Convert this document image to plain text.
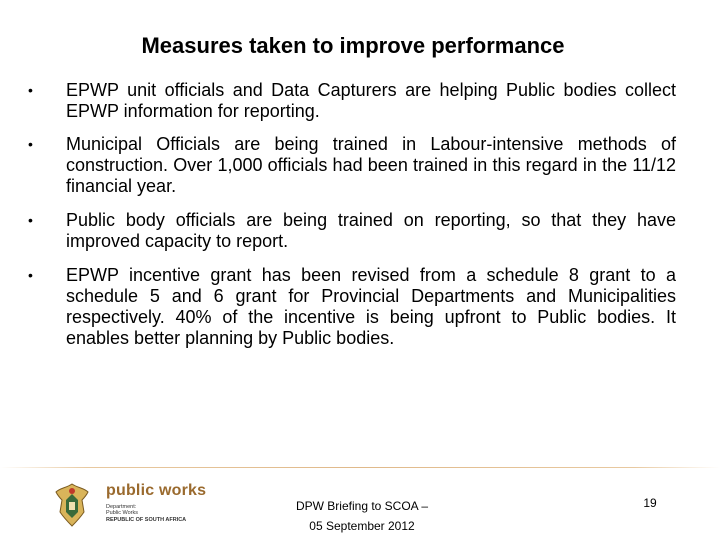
Measures taken to improve performance
•	EPWP unit officials and Data Capturers are helping Public bodies collect EPWP information for reporting.
•	Municipal Officials are being trained in Labour-intensive methods of construction. Over 1,000 officials had been trained in this regard in the 11/12 financial year.
•	Public body officials are being trained on reporting, so that they have improved capacity to report.
•	EPWP incentive grant has been revised from a schedule 8 grant to a schedule 5 and 6 grant for Provincial Departments and Municipalities respectively. 40% of the incentive is being upfront to Public bodies. It enables better planning by Public bodies.
public works
Department:
Public Works
REPUBLIC OF SOUTH AFRICA
DPW Briefing to SCOA –
05 September 2012
19
